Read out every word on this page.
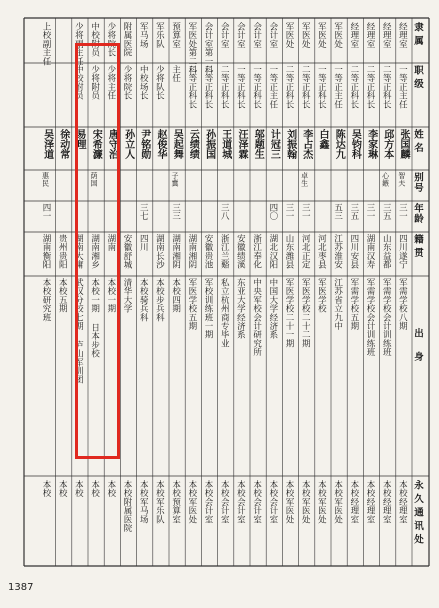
经理室
一等正主任
张国麟
智夫
三一
四川遂宁
军需学校八期
本校经理室
经理室
二等正科长
邱方本
心鏃
三五
山东益都
军需学校会计训练班
本校经理室
经理室
二等正科长
李家琳
三一
湖南汉寿
军需学校会计训练班
本校经理室
经理室
二等正科长
吴钧科
三五
四川安县
军需学校五期
本校经理室
军医处
一等正主任
陈达九
五三
江苏淮安
江苏省立九中
本校军医处
军医处
一等正科长
白鑫
河北枣县
军医学校
本校军医处
军医处
二等正科长
李占杰
卓生
三一
河北正定
军医学校二十二期
本校军医处
军医处
二等正科长
刘振翰
三一
山东潍县
军医学校二十一期
本校军医处
会计室
一等正主任
计冠三
四〇
湖北汉阳
中国大学经济系
本校会计室
会计室
一等正科长
邬题生
浙江奉化
中央军校会计研究所
本校会计室
会计室
一等正科长
汪泽霖
安徽绩溪
东亚大学经济系
本校会计室
会计室
二等正科长
王道城
三八
浙江兰谿
私立杭州商专毕业
本校会计室
会计室第一科
二等正科长
孙振国
安徽贵池
军校训练班一期
本校会计室
军医处第二科
二等正科长
云绩绩
湖南湘阴
军医学校五期
本校军医处
预算室
主任
吴起舞
子冀
三三
湖南湘阴
本校四期
本校预算室
军乐队
少将队长
赵俊华
湖南长沙
本校步兵科
本校军乐队
军马场
中校场长
尹铭勋
三七
四川
本校骑兵科
本校军马场
附属医院
少将院长
孙立人
安徽舒城
清华大学
本校附属医院
少将院长
少将主任
唐守治
湖南
本校一期
本校
中校附员
少将附员
宋希濂
荫国
湖南湘乡
本校一期 日本步校
本校
少将副主任
中校附员
易理
湖南大庸
武汉分校七期 庐山军训团
本校
徐动常
贵州贵阳
本校五期
本校
上校副主任
吴泽道
惠民
四一
湖南衡阳
本校研究班
本校
隶属
职级
姓名
别号
年龄
籍贯
出身
永久通讯处
1387
